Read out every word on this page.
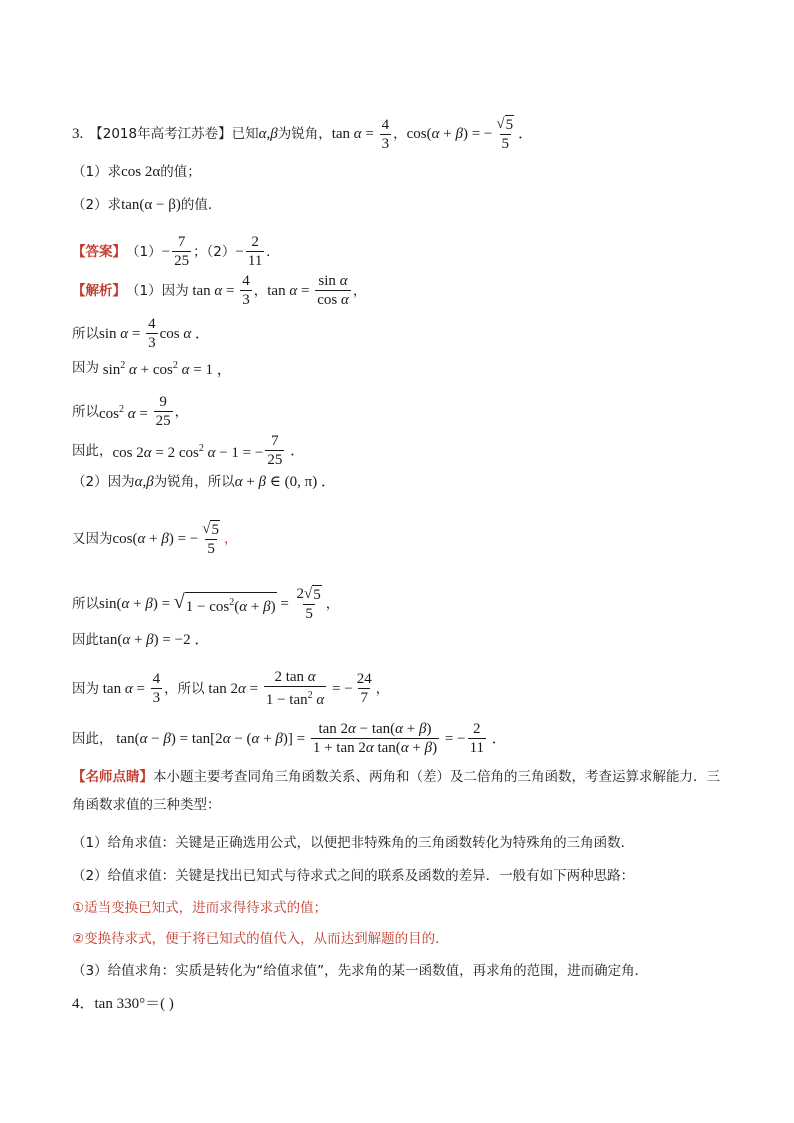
3. 【2018年高考江苏卷】 已知 α,β 为锐角， $\tan \alpha = \frac{4}{3}$ ， cos(α + β) = − $\frac{√ 5}{5}$ ．
（1）求 cos 2α 的值；
（2）求 tan(α − β) 的值．
【答案】 $(1) - \frac{7}{25}$ ；$(2) - \frac{2}{11}$ .
【解析】 （1）因为 $\tan \alpha = \frac{4}{3}$ ， $\tan \alpha = \frac{\text{sin α}}{\text{cos α}}$ ，
所以 $\sin \alpha = \frac{4}{3}$ cos α ．
因为 $\sin^2 \alpha + \cos^2 \alpha = 1$ ，
所以 $\cos^2 \alpha = \frac{9}{25}$ ，
因此， cos 2α = 2 $\cos^2 \alpha - 1$ = − $\frac{7}{25}$ ．
（2）因为 α,β 为锐角，所以 α + β ∈ (0, π) ．
又因为 cos(α + β) = − $\frac{√ 5}{5}$ ，
所以 sin(α + β) = √ $1 - \cos^2(\alpha + \beta) = \frac{2 √ 5}{5}$ ，
因此 tan(α + β) = −2 ．
因为 $\tan \alpha = \frac{4}{3}$ ，所以 $\tan 2\alpha = \frac{\text{2 tan α}}{1 - \tan^2 \alpha}$ = − $\frac{24}{7}$ ，
因此， $\tan(\alpha - \beta) = \tan[2\alpha - (\alpha + \beta)] = \frac{\tan 2\alpha - \tan(\alpha + \beta)}{\text{1 + tan 2α tan(α + β)}}$ = − $\frac{2}{11}$ ．
【名师点睛】本小题主要考查同角三角函数关系、两角和（差）及二倍角的三角函数，考查运算求解能力．三角函数求值的三种类型：
（1）给角求值：关键是正确选用公式，以便把非特殊角的三角函数转化为特殊角的三角函数．
（2）给值求值：关键是找出已知式与待求式之间的联系及函数的差异．一般有如下两种思路：
①适当变换已知式，进而求得待求式的值；
②变换待求式，便于将已知式的值代入，从而达到解题的目的．
（3）给值求角：实质是转化为“给值求值”，先求角的某一函数值，再求角的范围，进而确定角．
4．tan 330°＝( )
